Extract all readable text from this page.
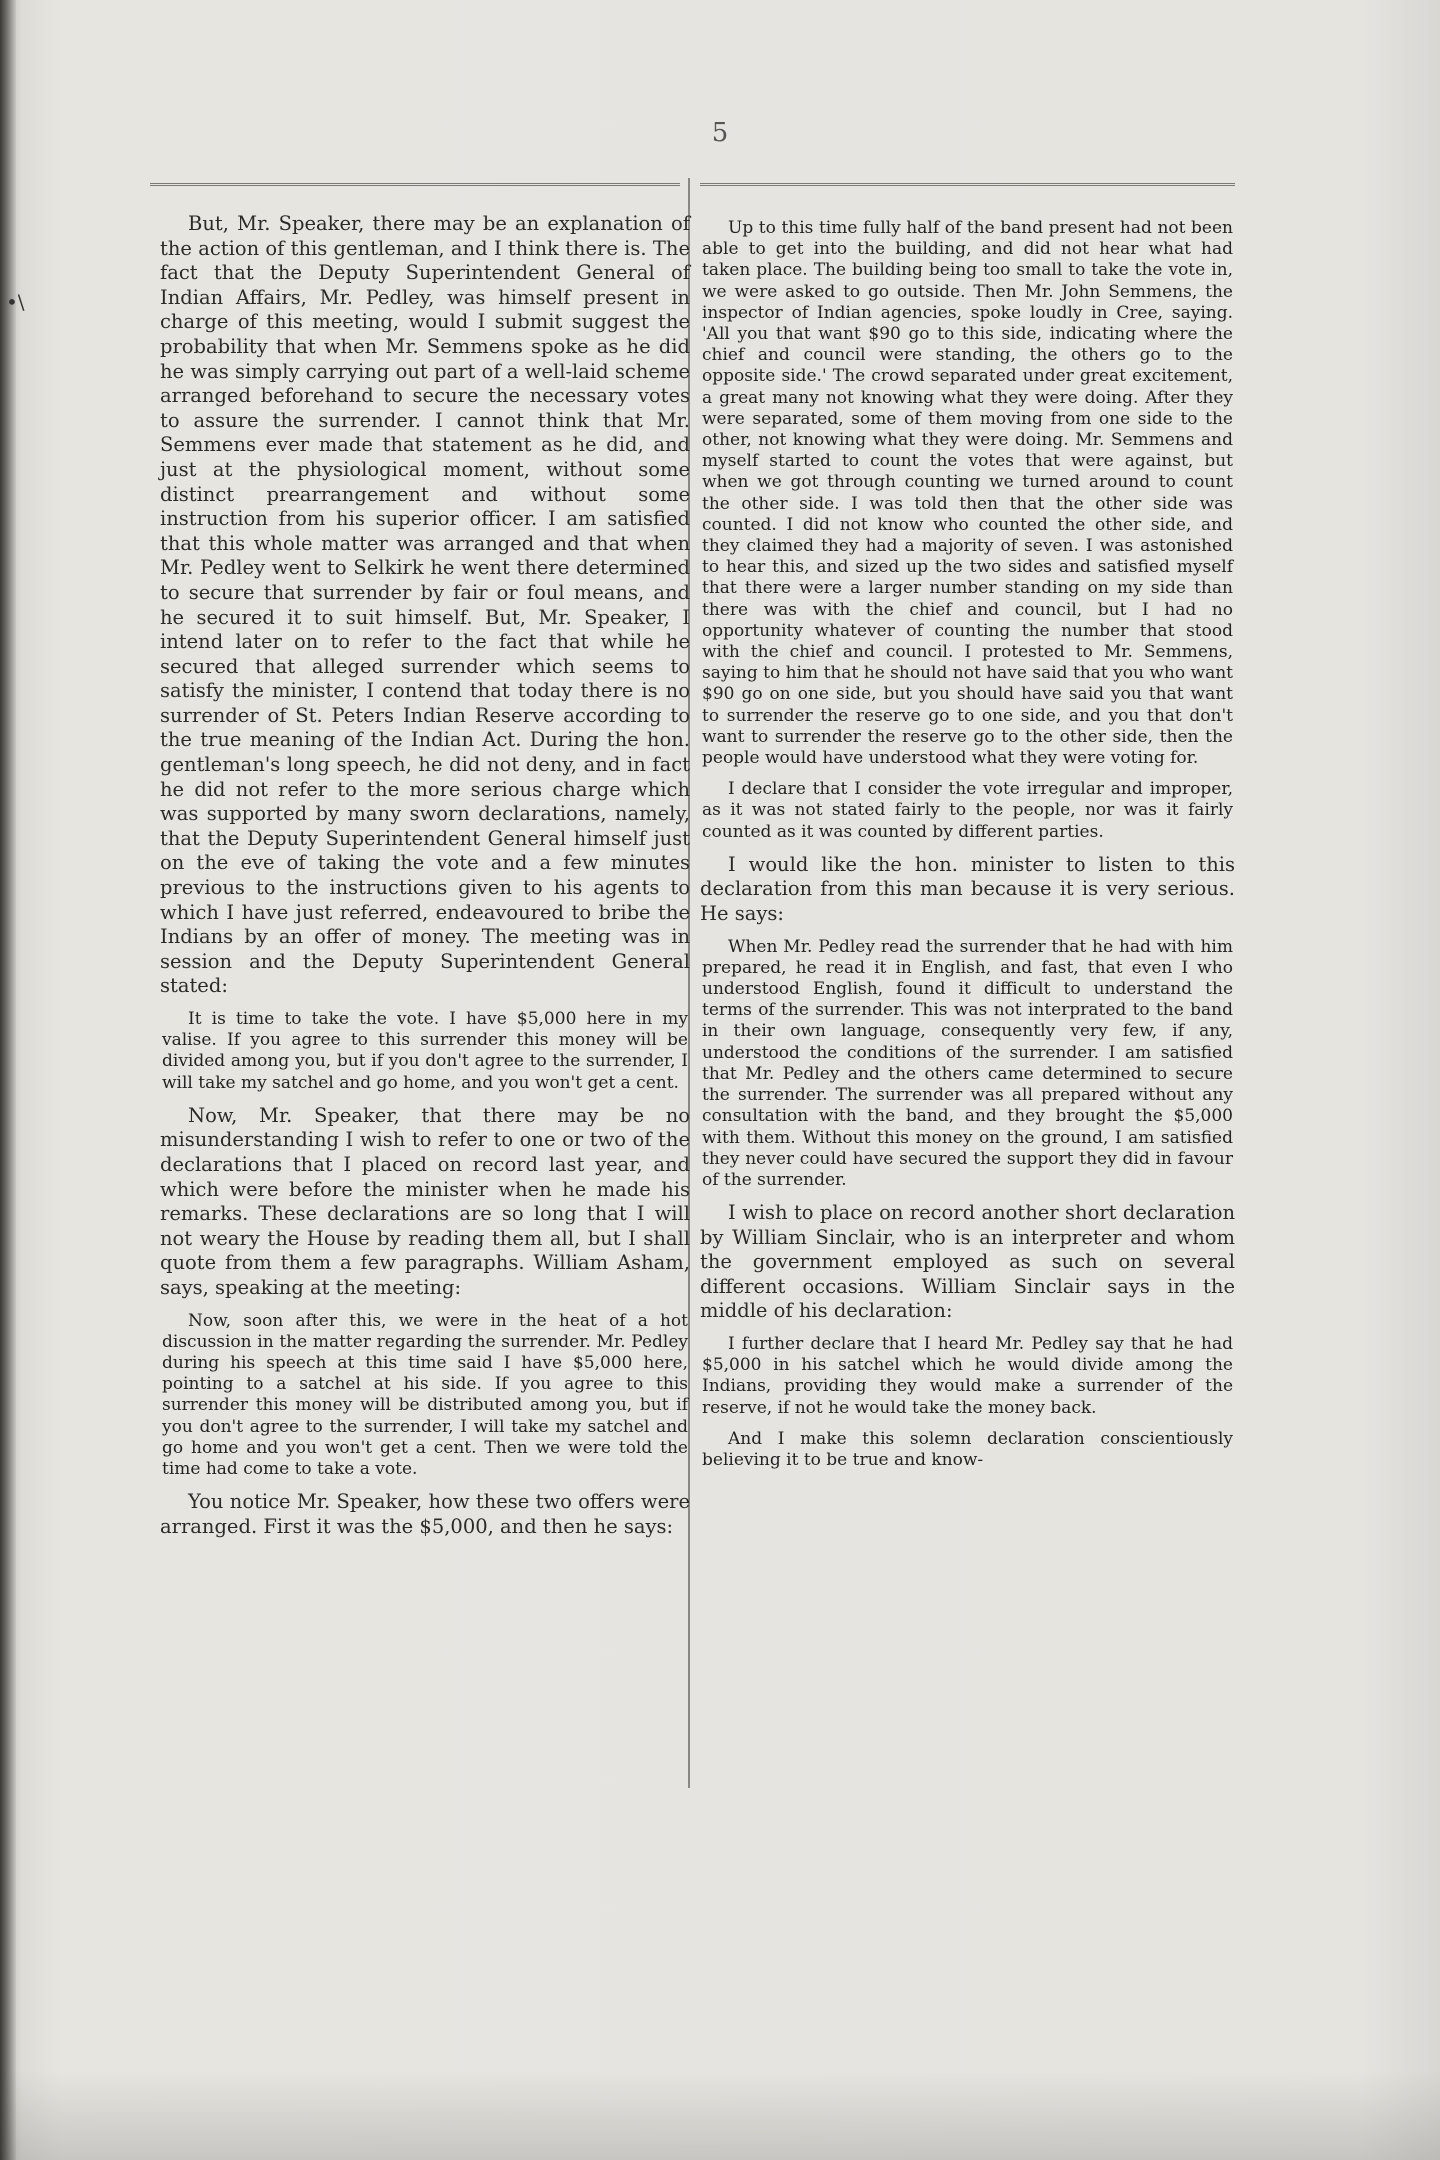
•\
5

But, Mr. Speaker, there may be an explanation of the action of this gentleman, and I think there is. The fact that the Deputy Superintendent General of Indian Affairs, Mr. Pedley, was himself present in charge of this meeting, would I submit suggest the probability that when Mr. Semmens spoke as he did he was simply carrying out part of a well-laid scheme arranged beforehand to secure the necessary votes to assure the surrender. I cannot think that Mr. Semmens ever made that statement as he did, and just at the physiological moment, without some distinct prearrangement and without some instruction from his superior officer. I am satisfied that this whole matter was arranged and that when Mr. Pedley went to Selkirk he went there determined to secure that surrender by fair or foul means, and he secured it to suit himself. But, Mr. Speaker, I intend later on to refer to the fact that while he secured that alleged surrender which seems to satisfy the minister, I contend that today there is no surrender of St. Peters Indian Reserve according to the true meaning of the Indian Act. During the hon. gentleman's long speech, he did not deny, and in fact he did not refer to the more serious charge which was supported by many sworn declarations, namely, that the Deputy Superintendent General himself just on the eve of taking the vote and a few minutes previous to the instructions given to his agents to which I have just referred, endeavoured to bribe the Indians by an offer of money. The meeting was in session and the Deputy Superintendent General stated:

It is time to take the vote. I have $5,000 here in my valise. If you agree to this surrender this money will be divided among you, but if you don't agree to the surrender, I will take my satchel and go home, and you won't get a cent.

Now, Mr. Speaker, that there may be no misunderstanding I wish to refer to one or two of the declarations that I placed on record last year, and which were before the minister when he made his remarks. These declarations are so long that I will not weary the House by reading them all, but I shall quote from them a few paragraphs. William Asham, says, speaking at the meeting:

Now, soon after this, we were in the heat of a hot discussion in the matter regarding the surrender. Mr. Pedley during his speech at this time said I have $5,000 here, pointing to a satchel at his side. If you agree to this surrender this money will be distributed among you, but if you don't agree to the surrender, I will take my satchel and go home and you won't get a cent. Then we were told the time had come to take a vote.

You notice Mr. Speaker, how these two offers were arranged. First it was the $5,000, and then he says:

Up to this time fully half of the band present had not been able to get into the building, and did not hear what had taken place. The building being too small to take the vote in, we were asked to go outside. Then Mr. John Semmens, the inspector of Indian agencies, spoke loudly in Cree, saying. 'All you that want $90 go to this side, indicating where the chief and council were standing, the others go to the opposite side.' The crowd separated under great excitement, a great many not knowing what they were doing. After they were separated, some of them moving from one side to the other, not knowing what they were doing. Mr. Semmens and myself started to count the votes that were against, but when we got through counting we turned around to count the other side. I was told then that the other side was counted. I did not know who counted the other side, and they claimed they had a majority of seven. I was astonished to hear this, and sized up the two sides and satisfied myself that there were a larger number standing on my side than there was with the chief and council, but I had no opportunity whatever of counting the number that stood with the chief and council. I protested to Mr. Semmens, saying to him that he should not have said that you who want $90 go on one side, but you should have said you that want to surrender the reserve go to one side, and you that don't want to surrender the reserve go to the other side, then the people would have understood what they were voting for.

I declare that I consider the vote irregular and improper, as it was not stated fairly to the people, nor was it fairly counted as it was counted by different parties.

I would like the hon. minister to listen to this declaration from this man because it is very serious. He says:

When Mr. Pedley read the surrender that he had with him prepared, he read it in English, and fast, that even I who understood English, found it difficult to understand the terms of the surrender. This was not interprated to the band in their own language, consequently very few, if any, understood the conditions of the surrender. I am satisfied that Mr. Pedley and the others came determined to secure the surrender. The surrender was all prepared without any consultation with the band, and they brought the $5,000 with them. Without this money on the ground, I am satisfied they never could have secured the support they did in favour of the surrender.

I wish to place on record another short declaration by William Sinclair, who is an interpreter and whom the government employed as such on several different occasions. William Sinclair says in the middle of his declaration:

I further declare that I heard Mr. Pedley say that he had $5,000 in his satchel which he would divide among the Indians, providing they would make a surrender of the reserve, if not he would take the money back.

And I make this solemn declaration conscientiously believing it to be true and know-
